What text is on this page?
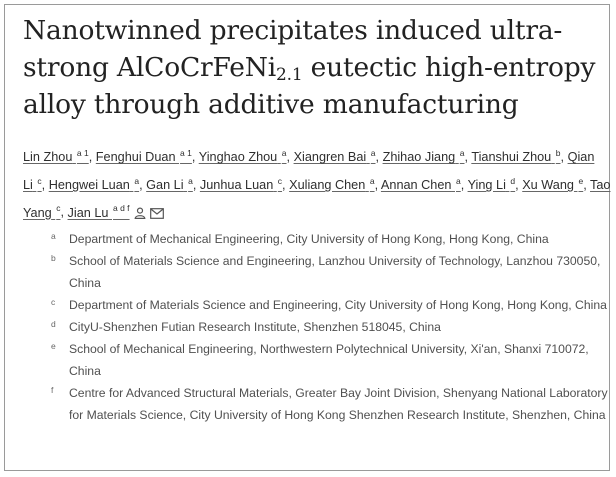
Nanotwinned precipitates induced ultra-strong AlCoCrFeNi$_{2.1}$ eutectic high-entropy alloy through additive manufacturing
Lin Zhou $^{a 1}$, Fenghui Duan $^{a 1}$, Yinghao Zhou $^a$, Xiangren Bai $^a$, Zhihao Jiang $^a$, Tianshui Zhou $^b$, Qian Li $^c$, Hengwei Luan $^a$, Gan Li $^a$, Junhua Luan $^c$, Xuliang Chen $^a$, Annan Chen $^a$, Ying Li $^d$, Xu Wang $^e$, Tao Yang $^c$, Jian Lu $^{a d f}$
a Department of Mechanical Engineering, City University of Hong Kong, Hong Kong, China
b School of Materials Science and Engineering, Lanzhou University of Technology, Lanzhou 730050, China
c Department of Materials Science and Engineering, City University of Hong Kong, Hong Kong, China
d CityU-Shenzhen Futian Research Institute, Shenzhen 518045, China
e School of Mechanical Engineering, Northwestern Polytechnical University, Xi'an, Shanxi 710072, China
f Centre for Advanced Structural Materials, Greater Bay Joint Division, Shenyang National Laboratory for Materials Science, City University of Hong Kong Shenzhen Research Institute, Shenzhen, China
